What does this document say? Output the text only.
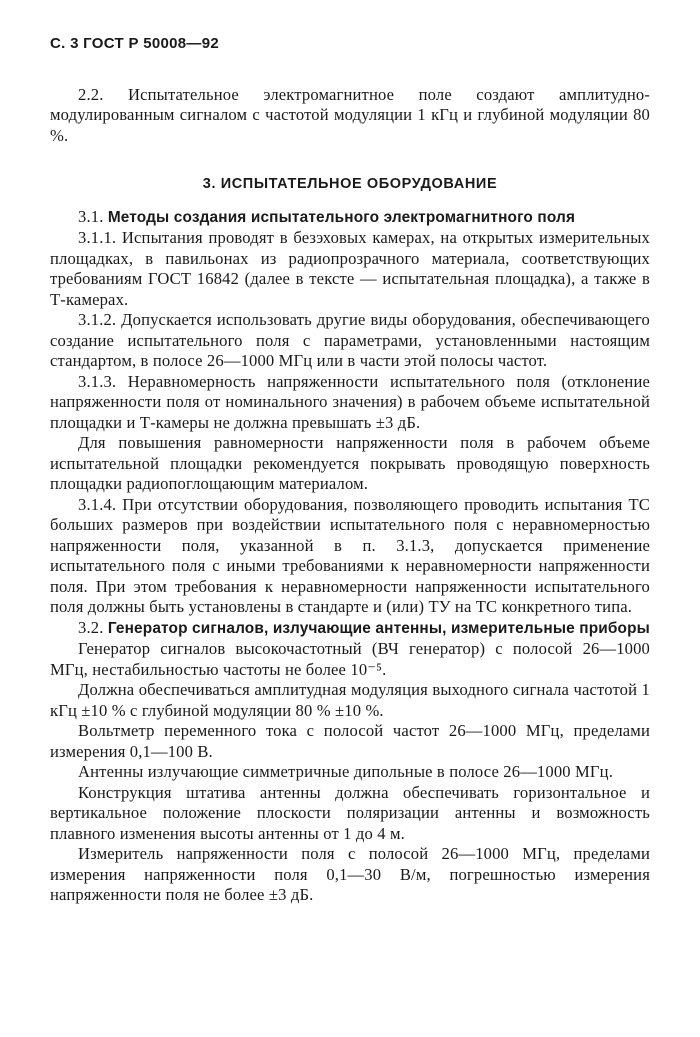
С. 3 ГОСТ Р 50008—92

2.2. Испытательное электромагнитное поле создают амплитудно-модулированным сигналом с частотой модуляции 1 кГц и глубиной модуляции 80 %.

3. ИСПЫТАТЕЛЬНОЕ ОБОРУДОВАНИЕ
3.1. Методы создания испытательного электромагнитного поля

3.1.1. Испытания проводят в безэховых камерах, на открытых измерительных площадках, в павильонах из радиопрозрачного материала, соответствующих требованиям ГОСТ 16842 (далее в тексте — испытательная площадка), а также в Т-камерах.

3.1.2. Допускается использовать другие виды оборудования, обеспечивающего создание испытательного поля с параметрами, установленными настоящим стандартом, в полосе 26—1000 МГц или в части этой полосы частот.

3.1.3. Неравномерность напряженности испытательного поля (отклонение напряженности поля от номинального значения) в рабочем объеме испытательной площадки и Т-камеры не должна превышать ±3 дБ.

Для повышения равномерности напряженности поля в рабочем объеме испытательной площадки рекомендуется покрывать проводящую поверхность площадки радиопоглощающим материалом.

3.1.4. При отсутствии оборудования, позволяющего проводить испытания ТС больших размеров при воздействии испытательного поля с неравномерностью напряженности поля, указанной в п. 3.1.3, допускается применение испытательного поля с иными требованиями к неравномерности напряженности поля. При этом требования к неравномерности напряженности испытательного поля должны быть установлены в стандарте и (или) ТУ на ТС конкретного типа.

3.2. Генератор сигналов, излучающие антенны, измерительные приборы

Генератор сигналов высокочастотный (ВЧ генератор) с полосой 26—1000 МГц, нестабильностью частоты не более 10⁻⁵.

Должна обеспечиваться амплитудная модуляция выходного сигнала частотой 1 кГц ±10 % с глубиной модуляции 80 % ±10 %.

Вольтметр переменного тока с полосой частот 26—1000 МГц, пределами измерения 0,1—100 В.

Антенны излучающие симметричные дипольные в полосе 26—1000 МГц.

Конструкция штатива антенны должна обеспечивать горизонтальное и вертикальное положение плоскости поляризации антенны и возможность плавного изменения высоты антенны от 1 до 4 м.

Измеритель напряженности поля с полосой 26—1000 МГц, пределами измерения напряженности поля 0,1—30 В/м, погрешностью измерения напряженности поля не более ±3 дБ.
